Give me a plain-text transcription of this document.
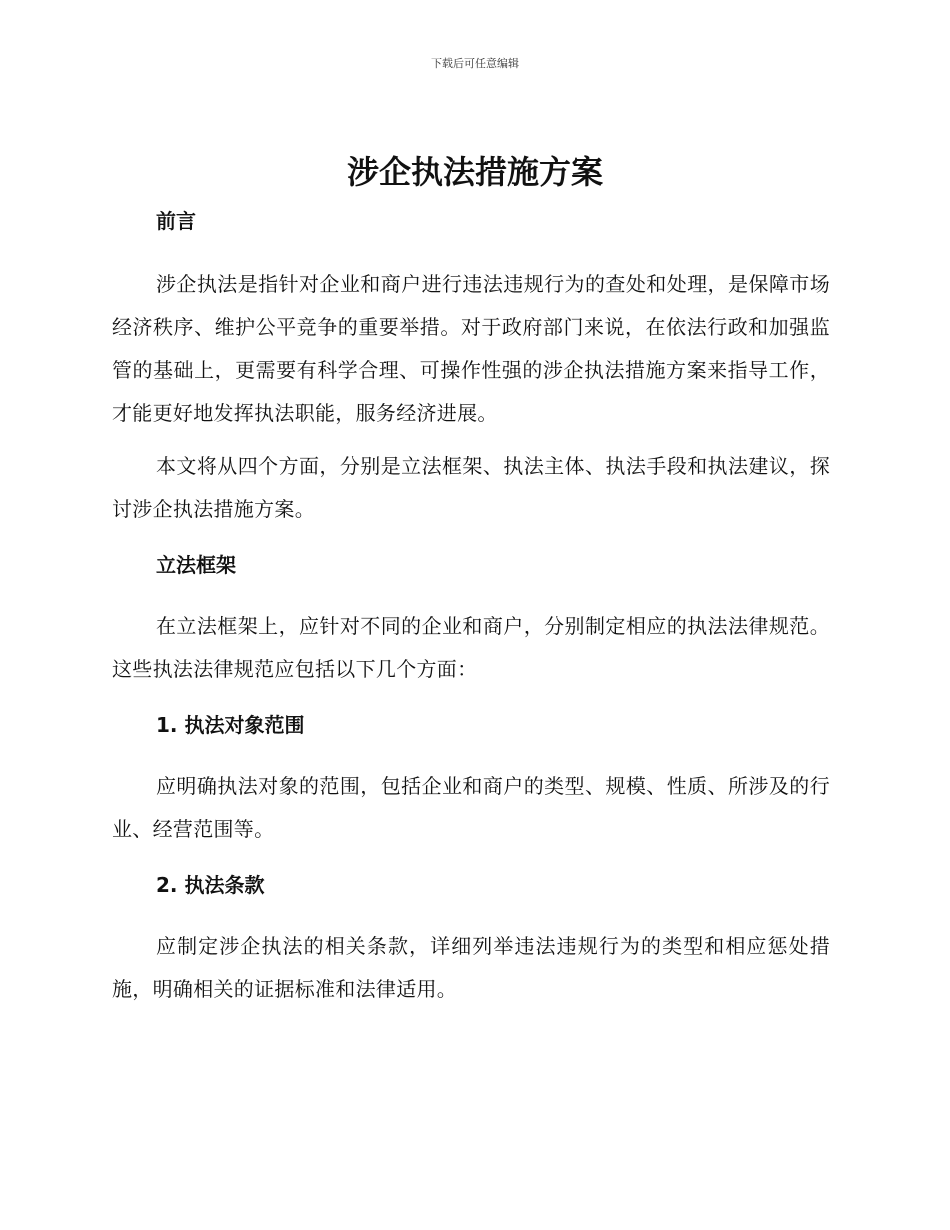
下载后可任意编辑
涉企执法措施方案
前言

涉企执法是指针对企业和商户进行违法违规行为的查处和处理，是保障市场经济秩序、维护公平竞争的重要举措。对于政府部门来说，在依法行政和加强监管的基础上，更需要有科学合理、可操作性强的涉企执法措施方案来指导工作，才能更好地发挥执法职能，服务经济进展。

本文将从四个方面，分别是立法框架、执法主体、执法手段和执法建议，探讨涉企执法措施方案。

立法框架

在立法框架上，应针对不同的企业和商户，分别制定相应的执法法律规范。这些执法法律规范应包括以下几个方面：

1. 执法对象范围

应明确执法对象的范围，包括企业和商户的类型、规模、性质、所涉及的行业、经营范围等。

2. 执法条款

应制定涉企执法的相关条款，详细列举违法违规行为的类型和相应惩处措施，明确相关的证据标准和法律适用。
